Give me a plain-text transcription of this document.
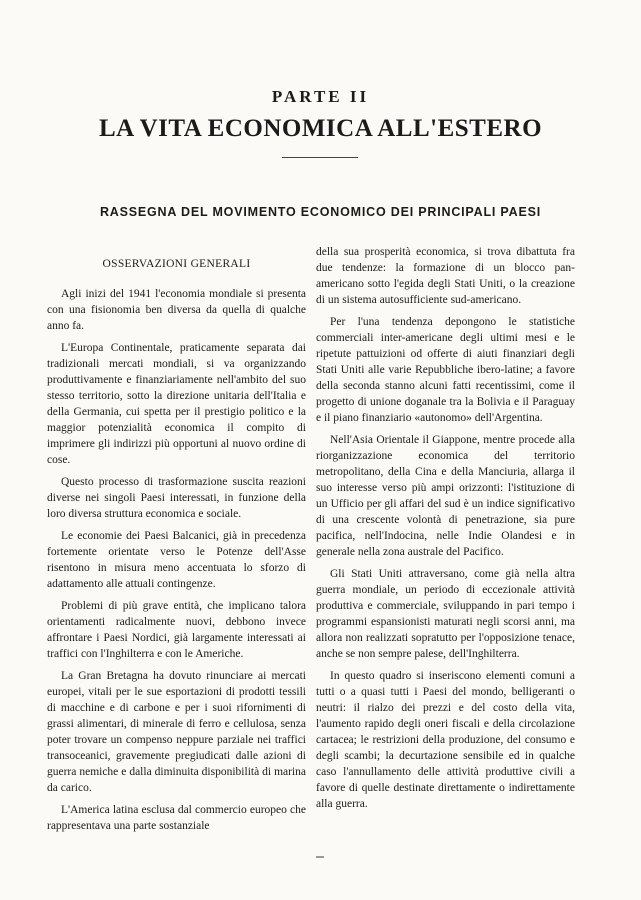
PARTE II
LA VITA ECONOMICA ALL'ESTERO
RASSEGNA DEL MOVIMENTO ECONOMICO DEI PRINCIPALI PAESI
OSSERVAZIONI GENERALI

Agli inizi del 1941 l'economia mondiale si presenta con una fisionomia ben diversa da quella di qualche anno fa.

L'Europa Continentale, praticamente separata dai tradizionali mercati mondiali, si va organizzando produttivamente e finanziariamente nell'ambito del suo stesso territorio, sotto la direzione unitaria dell'Italia e della Germania, cui spetta per il prestigio politico e la maggior potenzialità economica il compito di imprimere gli indirizzi più opportuni al nuovo ordine di cose.

Questo processo di trasformazione suscita reazioni diverse nei singoli Paesi interessati, in funzione della loro diversa struttura economica e sociale.

Le economie dei Paesi Balcanici, già in precedenza fortemente orientate verso le Potenze dell'Asse risentono in misura meno accentuata lo sforzo di adattamento alle attuali contingenze.

Problemi di più grave entità, che implicano talora orientamenti radicalmente nuovi, debbono invece affrontare i Paesi Nordici, già largamente interessati ai traffici con l'Inghilterra e con le Americhe.

La Gran Bretagna ha dovuto rinunciare ai mercati europei, vitali per le sue esportazioni di prodotti tessili di macchine e di carbone e per i suoi rifornimenti di grassi alimentari, di minerale di ferro e cellulosa, senza poter trovare un compenso neppure parziale nei traffici transoceanici, gravemente pregiudicati dalle azioni di guerra nemiche e dalla diminuita disponibilità di marina da carico.

L'America latina esclusa dal commercio europeo che rappresentava una parte sostanziale

della sua prosperità economica, si trova dibattuta fra due tendenze: la formazione di un blocco pan-americano sotto l'egida degli Stati Uniti, o la creazione di un sistema autosufficiente sud-americano.

Per l'una tendenza depongono le statistiche commerciali inter-americane degli ultimi mesi e le ripetute pattuizioni od offerte di aiuti finanziari degli Stati Uniti alle varie Repubbliche ibero-latine; a favore della seconda stanno alcuni fatti recentissimi, come il progetto di unione doganale tra la Bolivia e il Paraguay e il piano finanziario «autonomo» dell'Argentina.

Nell'Asia Orientale il Giappone, mentre procede alla riorganizzazione economica del territorio metropolitano, della Cina e della Manciuria, allarga il suo interesse verso più ampi orizzonti: l'istituzione di un Ufficio per gli affari del sud è un indice significativo di una crescente volontà di penetrazione, sia pure pacifica, nell'Indocina, nelle Indie Olandesi e in generale nella zona australe del Pacifico.

Gli Stati Uniti attraversano, come già nella altra guerra mondiale, un periodo di eccezionale attività produttiva e commerciale, sviluppando in pari tempo i programmi espansionisti maturati negli scorsi anni, ma allora non realizzati sopratutto per l'opposizione tenace, anche se non sempre palese, dell'Inghilterra.

In questo quadro si inseriscono elementi comuni a tutti o a quasi tutti i Paesi del mondo, belligeranti o neutri: il rialzo dei prezzi e del costo della vita, l'aumento rapido degli oneri fiscali e della circolazione cartacea; le restrizioni della produzione, del consumo e degli scambi; la decurtazione sensibile ed in qualche caso l'annullamento delle attività produttive civili a favore di quelle destinate direttamente o indirettamente alla guerra.
